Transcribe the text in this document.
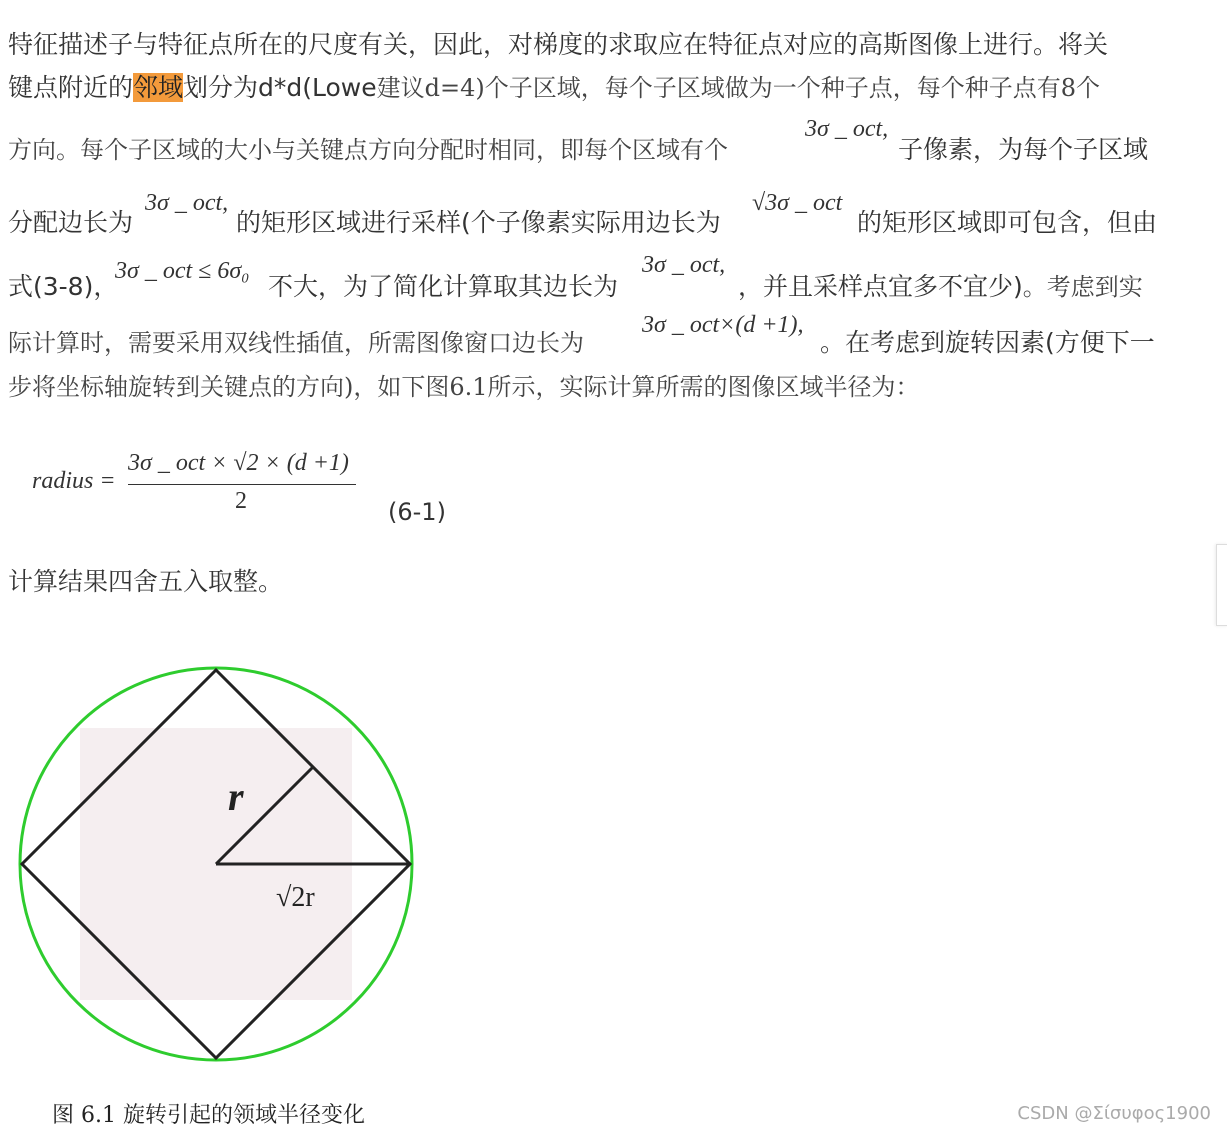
特征描述子与特征点所在的尺度有关，因此，对梯度的求取应在特征点对应的高斯图像上进行。将关
键点附近的邻域划分为d*d(Lowe建议d=4)个子区域，每个子区域做为一个种子点，每个种子点有8个
方向。每个子区域的大小与关键点方向分配时相同，即每个区域有个
3σ _ oct,
子像素，为每个子区域
分配边长为
3σ _ oct,
的矩形区域进行采样(个子像素实际用边长为
√3σ _ oct
的矩形区域即可包含，但由
式(3-8)，
3σ _ oct ≤ 6σ₀
不大，为了简化计算取其边长为
3σ _ oct,
，并且采样点宜多不宜少)。考虑到实
际计算时，需要采用双线性插值，所需图像窗口边长为
3σ _ oct×(d +1),
。在考虑到旋转因素(方便下一
步将坐标轴旋转到关键点的方向)，如下图6.1所示，实际计算所需的图像区域半径为：
radius =
3σ _ oct × √2 × (d +1)
2	(6-1)
计算结果四舍五入取整。
r
√2r
图 6.1 旋转引起的领域半径变化	CSDN @Σίσυφος1900
